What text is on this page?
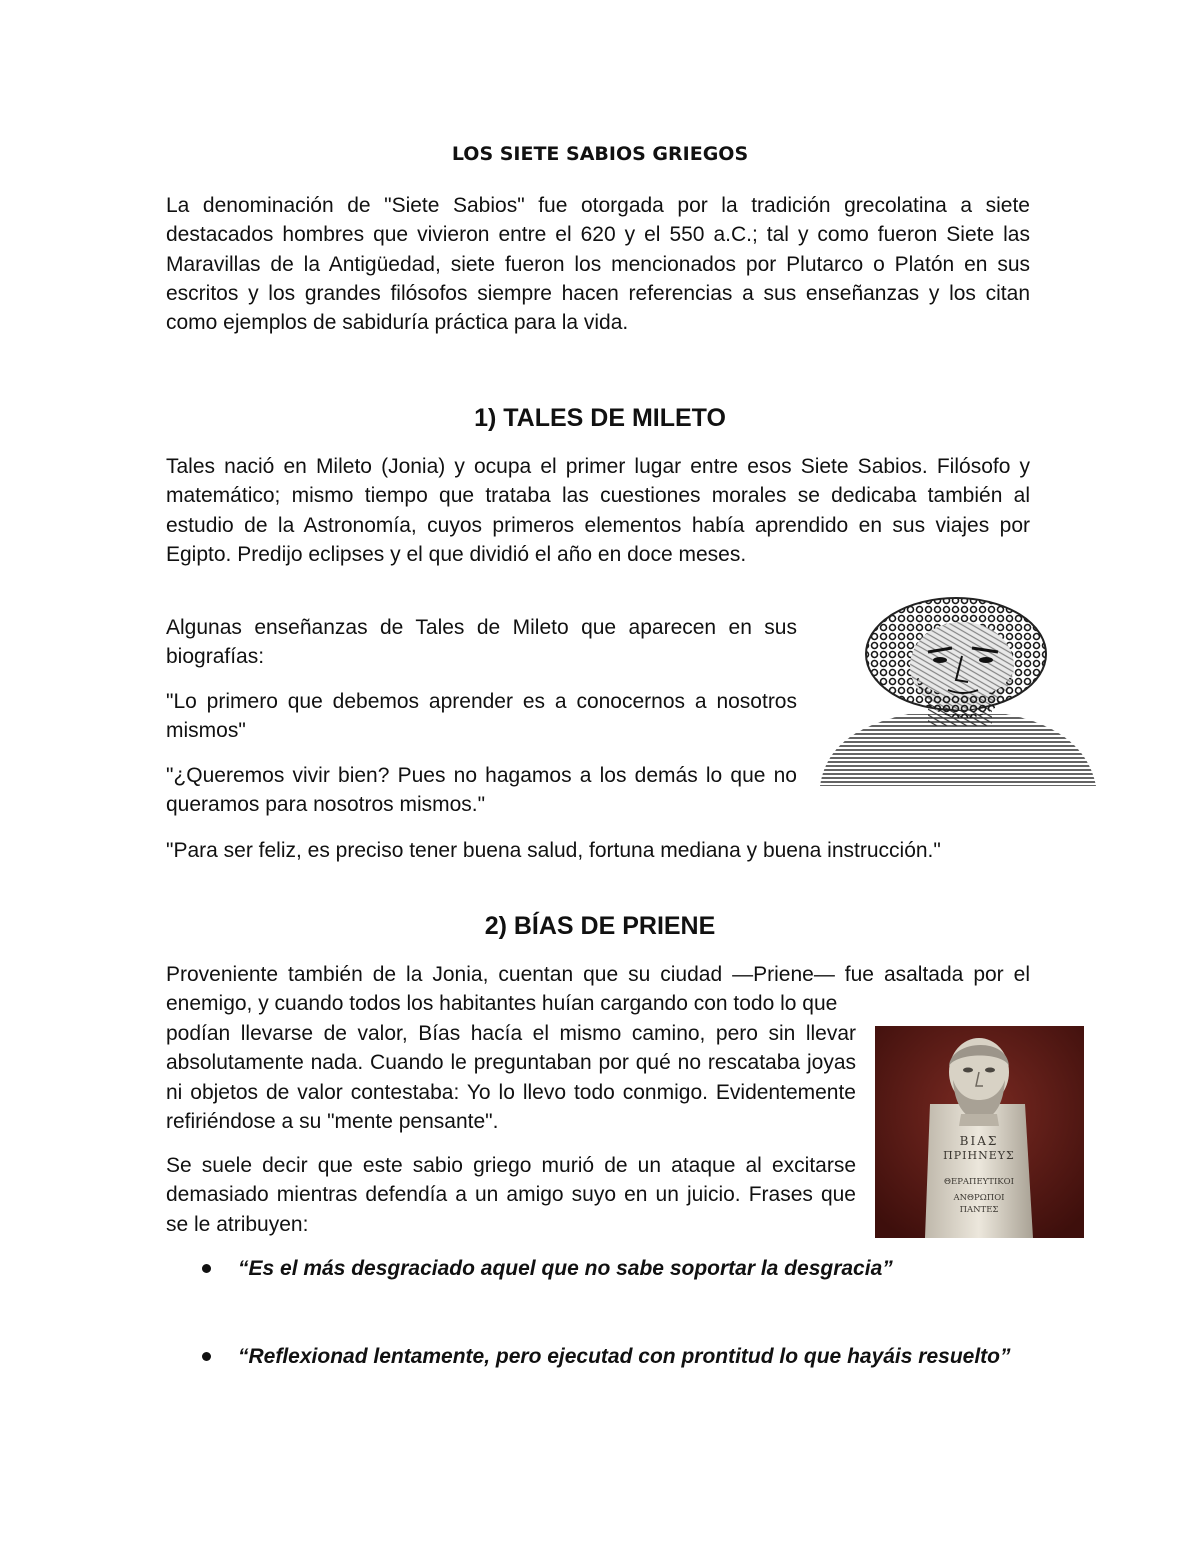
LOS SIETE SABIOS GRIEGOS

La denominación de "Siete Sabios" fue otorgada por la tradición grecolatina a siete destacados hombres que vivieron entre el 620 y el 550 a.C.; tal y como fueron Siete las Maravillas de la Antigüedad, siete fueron los mencionados por Plutarco o Platón en sus escritos y los grandes filósofos siempre hacen referencias a sus enseñanzas y los citan como ejemplos de sabiduría práctica para la vida.

1) TALES DE MILETO

Tales nació en Mileto (Jonia) y ocupa el primer lugar entre esos Siete Sabios. Filósofo y matemático; mismo tiempo que trataba las cuestiones morales se dedicaba también al estudio de la Astronomía, cuyos primeros elementos había aprendido en sus viajes por Egipto. Predijo eclipses y el que dividió el año en doce meses.

Algunas enseñanzas de Tales de Mileto que aparecen en sus biografías:

"Lo primero que debemos aprender es a conocernos a nosotros mismos"

"¿Queremos vivir bien? Pues no hagamos a los demás lo que no queramos para nosotros mismos."

"Para ser feliz, es preciso tener buena salud, fortuna mediana y buena instrucción."

2) BÍAS DE PRIENE

Proveniente también de la Jonia, cuentan que su ciudad —Priene— fue asaltada por el enemigo, y cuando todos los habitantes huían cargando con todo lo que

podían llevarse de valor, Bías hacía el mismo camino, pero sin llevar absolutamente nada. Cuando le preguntaban por qué no rescataba joyas ni objetos de valor contestaba: Yo lo llevo todo conmigo. Evidentemente refiriéndose a su "mente pensante".

Se suele decir que este sabio griego murió de un ataque al excitarse demasiado mientras defendía a un amigo suyo en un juicio. Frases que se le atribuyen:

ΒΙΑΣ
ΠΡΙΗΝΕΥΣ
ΘΕΡΑΠΕΥΤΙΚΟΙ
ΑΝΘΡΩΠΟΙ
ΠΑΝΤΕΣ
“Es el más desgraciado aquel que no sabe soportar la desgracia”
“Reflexionad lentamente, pero ejecutad con prontitud lo que hayáis resuelto”
